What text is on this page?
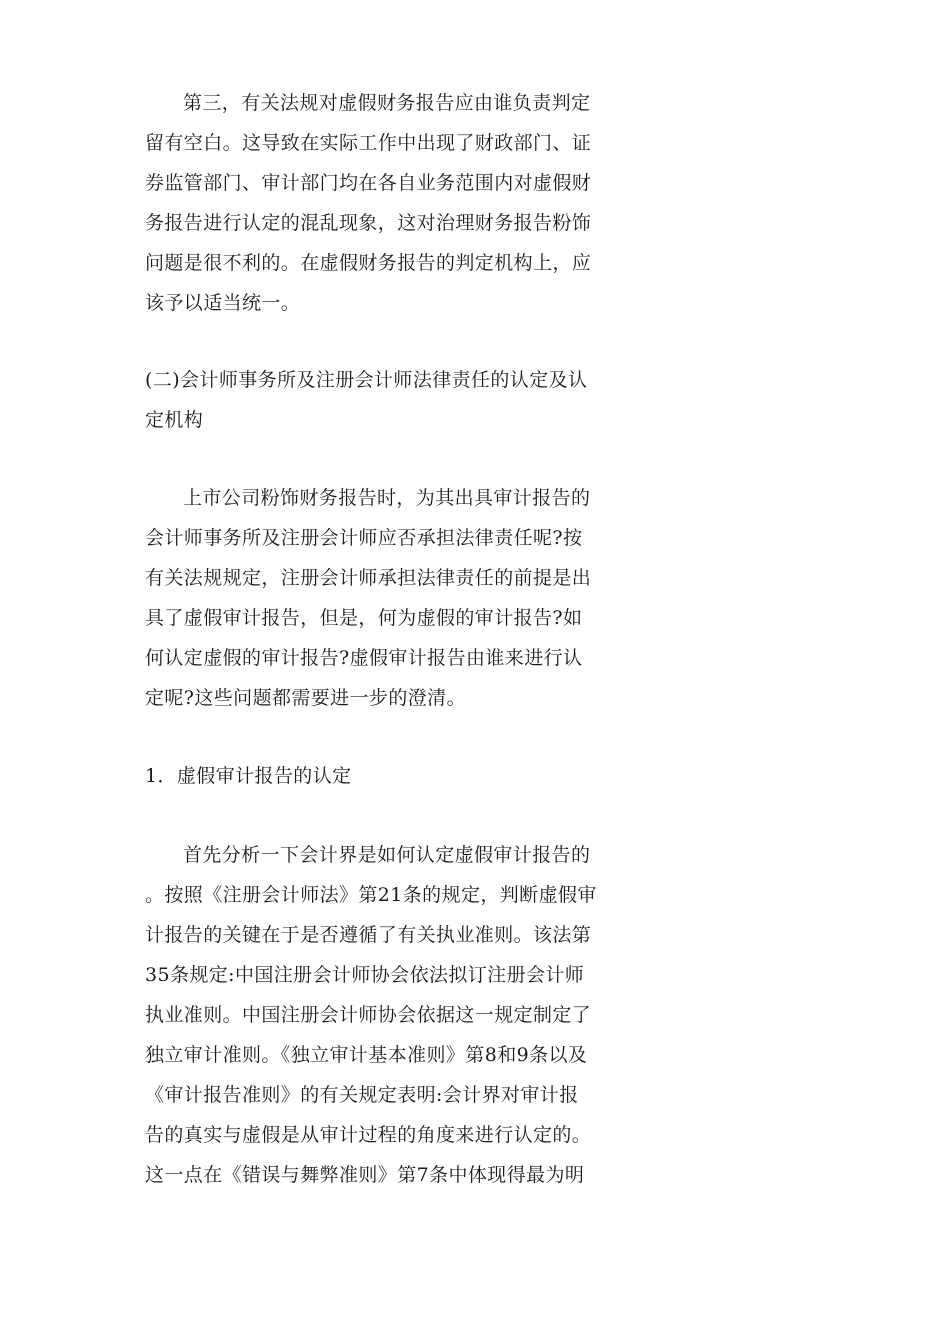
第三，有关法规对虚假财务报告应由谁负责判定
留有空白。这导致在实际工作中出现了财政部门、证
券监管部门、审计部门均在各自业务范围内对虚假财
务报告进行认定的混乱现象，这对治理财务报告粉饰
问题是很不利的。在虚假财务报告的判定机构上，应
该予以适当统一。
(二)会计师事务所及注册会计师法律责任的认定及认
定机构
上市公司粉饰财务报告时，为其出具审计报告的
会计师事务所及注册会计师应否承担法律责任呢?按
有关法规规定，注册会计师承担法律责任的前提是出
具了虚假审计报告，但是，何为虚假的审计报告?如
何认定虚假的审计报告?虚假审计报告由谁来进行认
定呢?这些问题都需要进一步的澄清。
1．虚假审计报告的认定
首先分析一下会计界是如何认定虚假审计报告的
。按照《注册会计师法》第21条的规定，判断虚假审
计报告的关键在于是否遵循了有关执业准则。该法第
35条规定:中国注册会计师协会依法拟订注册会计师
执业准则。中国注册会计师协会依据这一规定制定了
独立审计准则。《独立审计基本准则》第8和9条以及
《审计报告准则》的有关规定表明:会计界对审计报
告的真实与虚假是从审计过程的角度来进行认定的。
这一点在《错误与舞弊准则》第7条中体现得最为明
